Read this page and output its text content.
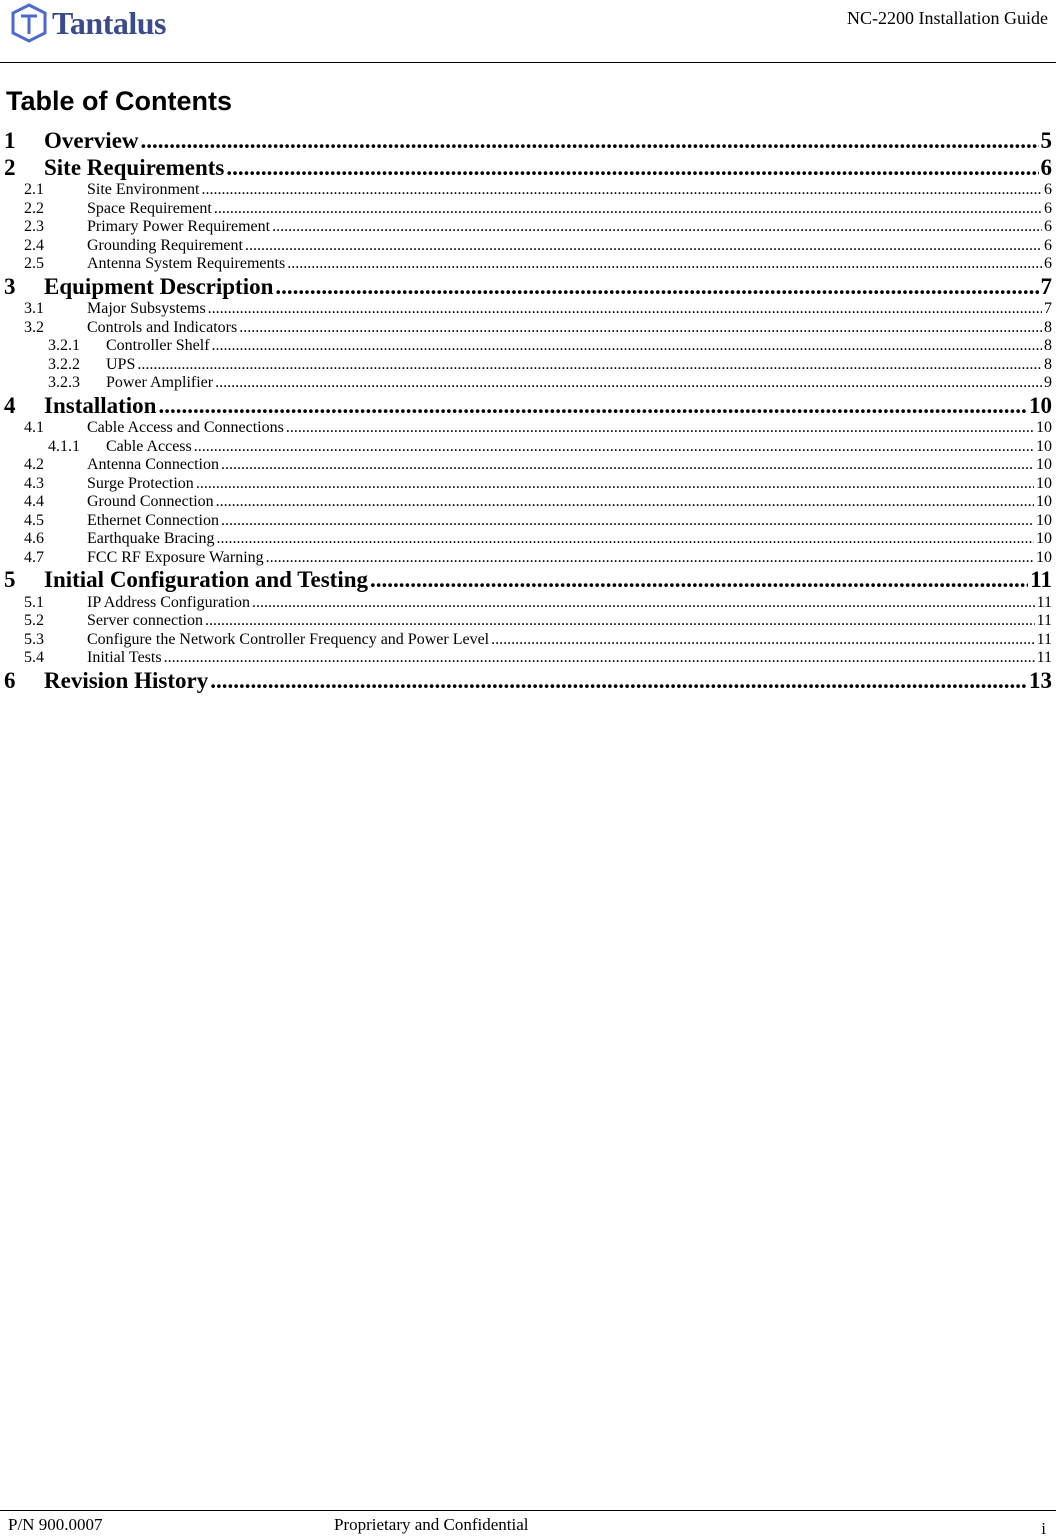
Tantalus	NC-2200 Installation Guide
Table of Contents
1	Overview .....	5
2	Site Requirements .....	6
2.1	Site Environment .....	6
2.2	Space Requirement .....	6
2.3	Primary Power Requirement .....	6
2.4	Grounding Requirement .....	6
2.5	Antenna System Requirements .....	6
3	Equipment Description .....	7
3.1	Major Subsystems .....	7
3.2	Controls and Indicators .....	8
3.2.1	Controller Shelf .....	8
3.2.2	UPS .....	8
3.2.3	Power Amplifier .....	9
4	Installation .....	10
4.1	Cable Access and Connections .....	10
4.1.1	Cable Access .....	10
4.2	Antenna Connection .....	10
4.3	Surge Protection .....	10
4.4	Ground Connection .....	10
4.5	Ethernet Connection .....	10
4.6	Earthquake Bracing .....	10
4.7	FCC RF Exposure Warning .....	10
5	Initial Configuration and Testing .....	11
5.1	IP Address Configuration .....	11
5.2	Server connection .....	11
5.3	Configure the Network Controller Frequency and Power Level .....	11
5.4	Initial Tests .....	11
6	Revision History .....	13
P/N 900.0007	Proprietary and Confidential	i
